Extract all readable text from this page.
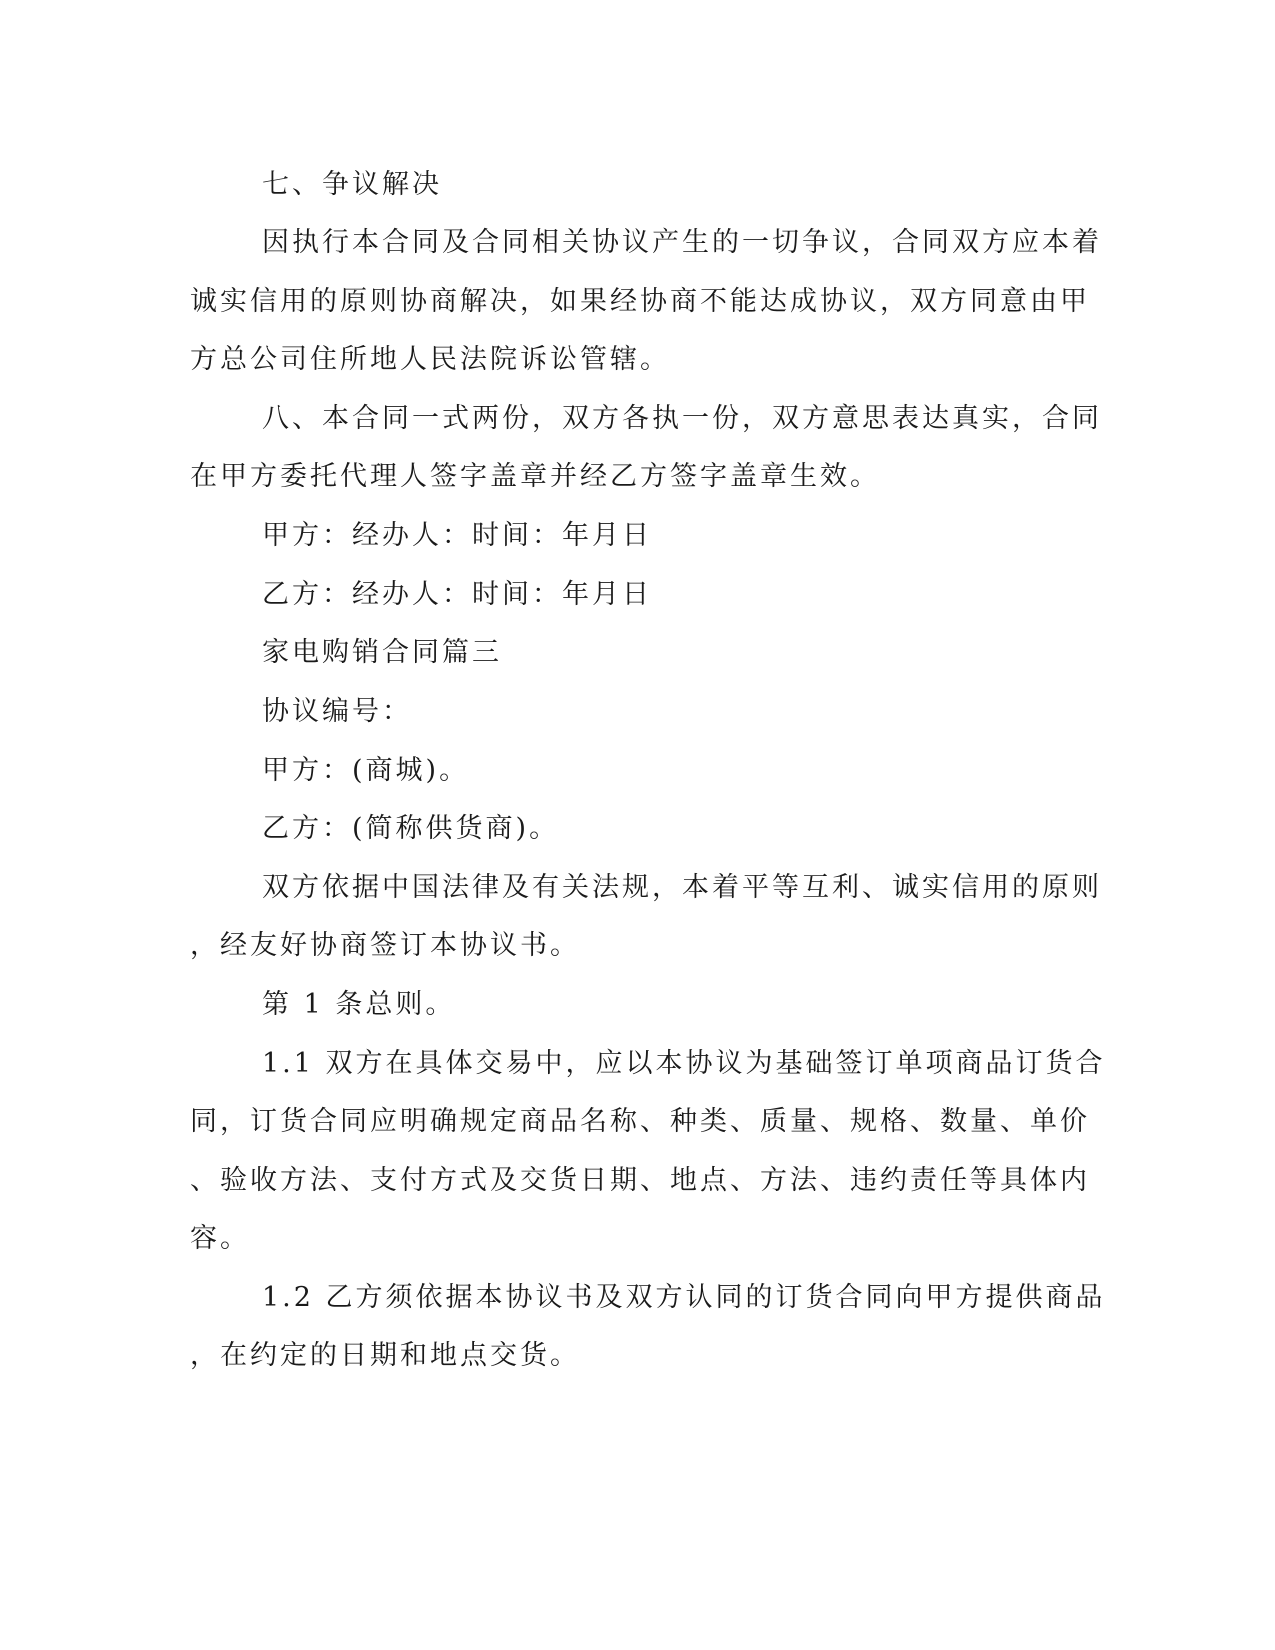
七、争议解决
因执行本合同及合同相关协议产生的一切争议，合同双方应本着
诚实信用的原则协商解决，如果经协商不能达成协议，双方同意由甲
方总公司住所地人民法院诉讼管辖。
八、本合同一式两份，双方各执一份，双方意思表达真实，合同
在甲方委托代理人签字盖章并经乙方签字盖章生效。
甲方：经办人：时间：年月日
乙方：经办人：时间：年月日
家电购销合同篇三
协议编号：
甲方：(商城)。
乙方：(简称供货商)。
双方依据中国法律及有关法规，本着平等互利、诚实信用的原则
，经友好协商签订本协议书。
第 1 条总则。
1.1 双方在具体交易中，应以本协议为基础签订单项商品订货合
同，订货合同应明确规定商品名称、种类、质量、规格、数量、单价
、验收方法、支付方式及交货日期、地点、方法、违约责任等具体内
容。
1.2 乙方须依据本协议书及双方认同的订货合同向甲方提供商品
，在约定的日期和地点交货。
